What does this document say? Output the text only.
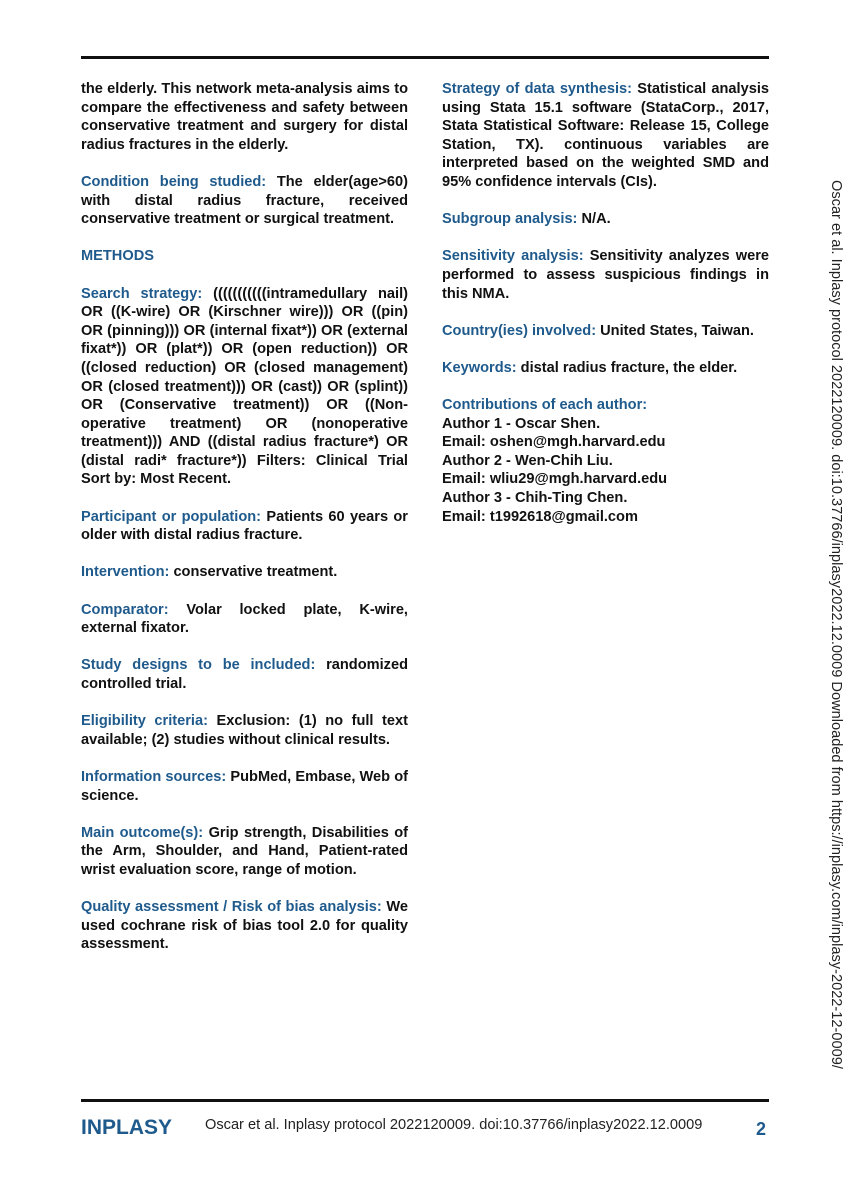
the elderly. This network meta-analysis aims to compare the effectiveness and safety between conservative treatment and surgery for distal radius fractures in the elderly.

Condition being studied: The elder(age>60) with distal radius fracture, received conservative treatment or surgical treatment.

METHODS

Search strategy: (((((((((((intramedullary nail) OR ((K-wire) OR (Kirschner wire))) OR ((pin) OR (pinning))) OR (internal fixat*)) OR (external fixat*)) OR (plat*)) OR (open reduction)) OR ((closed reduction) OR (closed management) OR (closed treatment))) OR (cast)) OR (splint)) OR (Conservative treatment)) OR ((Non-operative treatment) OR (nonoperative treatment))) AND ((distal radius fracture*) OR (distal radi* fracture*)) Filters: Clinical Trial Sort by: Most Recent.

Participant or population: Patients 60 years or older with distal radius fracture.

Intervention: conservative treatment.

Comparator: Volar locked plate, K-wire, external fixator.

Study designs to be included: randomized controlled trial.

Eligibility criteria: Exclusion: (1) no full text available; (2) studies without clinical results.

Information sources: PubMed, Embase, Web of science.

Main outcome(s): Grip strength, Disabilities of the Arm, Shoulder, and Hand, Patient-rated wrist evaluation score, range of motion.

Quality assessment / Risk of bias analysis: We used cochrane risk of bias tool 2.0 for quality assessment.

Strategy of data synthesis: Statistical analysis using Stata 15.1 software (StataCorp., 2017, Stata Statistical Software: Release 15, College Station, TX). continuous variables are interpreted based on the weighted SMD and 95% confidence intervals (CIs).

Subgroup analysis: N/A.

Sensitivity analysis: Sensitivity analyzes were performed to assess suspicious findings in this NMA.

Country(ies) involved: United States, Taiwan.

Keywords: distal radius fracture, the elder.

Contributions of each author:
Author 1 - Oscar Shen.
Email: oshen@mgh.harvard.edu
Author 2 - Wen-Chih Liu.
Email: wliu29@mgh.harvard.edu
Author 3 - Chih-Ting Chen.
Email: t1992618@gmail.com	Oscar et al. Inplasy protocol 2022120009. doi:10.37766/inplasy2022.12.0009 Downloaded from https://inplasy.com/inplasy-2022-12-0009/
INPLASY Oscar et al. Inplasy protocol 2022120009. doi:10.37766/inplasy2022.12.0009	2
